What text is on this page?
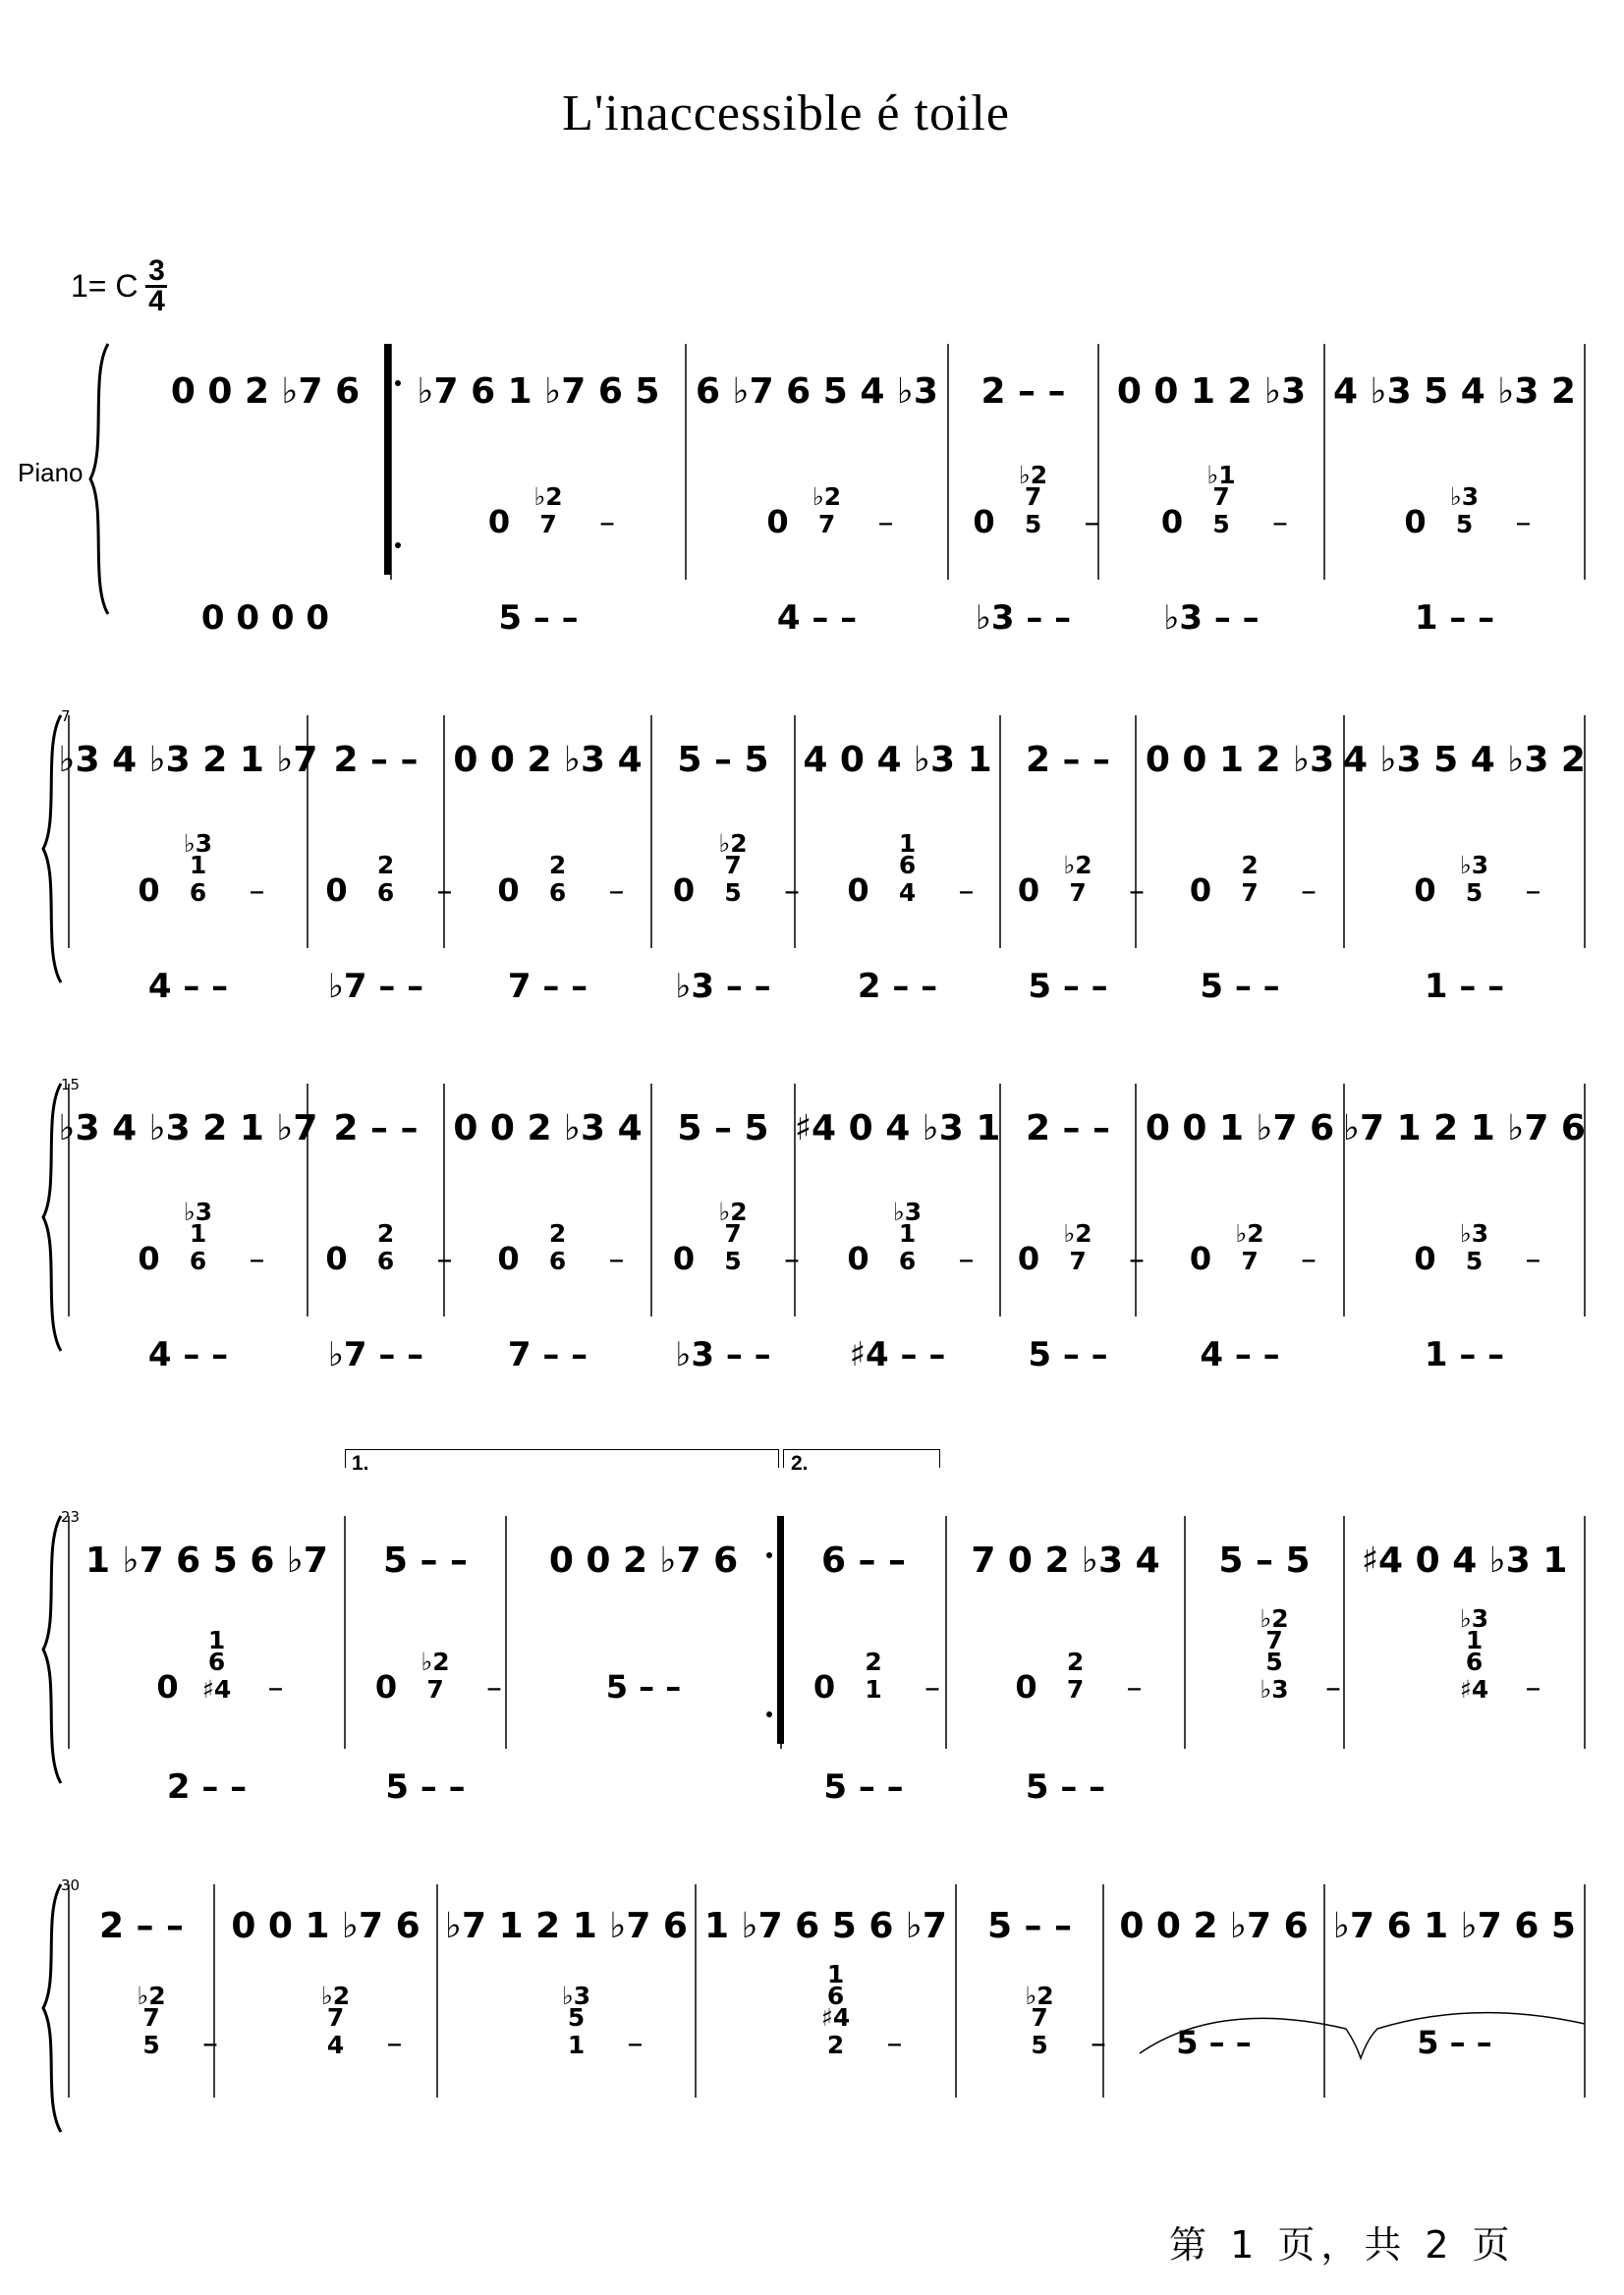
L'inaccessible é toile
1= C $\frac{3}{4}$
Piano
0 0 2 ♭7 6
0 0 0 0
♭7 6 1 ♭7 6 5
0
♭2
7 –
5 – –
6 ♭7 6 5 4 ♭3
0
♭2
7 –
4 – –
2 – –
0
♭2
7
5 –
♭3 – –
0 0 1 2 ♭3
0
♭1
7
5 –
♭3 – –
4 ♭3 5 4 ♭3 2
0
♭3
5 –
1 – –
7
♭3 4 ♭3 2 1 ♭7
0
♭3
1
6 –
4 – –
2 – –
0
2
6 –
♭7 – –
0 0 2 ♭3 4
0
2
6 –
7 – –
5 – 5
0
♭2
7
5 –
♭3 – –
4 0 4 ♭3 1
0
1
6
4 –
2 – –
2 – –
0
♭2
7 –
5 – –
0 0 1 2 ♭3
0
2
7 –
5 – –
4 ♭3 5 4 ♭3 2
0
♭3
5 –
1 – –
15
♭3 4 ♭3 2 1 ♭7
0
♭3
1
6 –
4 – –
2 – –
0
2
6 –
♭7 – –
0 0 2 ♭3 4
0
2
6 –
7 – –
5 – 5
0
♭2
7
5 –
♭3 – –
♯4 0 4 ♭3 1
0
♭3
1
6 –
♯4 – –
2 – –
0
♭2
7 –
5 – –
0 0 1 ♭7 6
0
♭2
7 –
4 – –
♭7 1 2 1 ♭7 6
0
♭3
5 –
1 – –
23
1 ♭7 6 5 6 ♭7
0
1
6
♯4 –
2 – –
5 – –
0
♭2
7 –
5 – –
0 0 2 ♭7 6
5 – –
6 – –
0
2
1 –
5 – –
7 0 2 ♭3 4
0
2
7 –
5 – –
5 – 5
♭2
7
5
♭3 –
♯4 0 4 ♭3 1
♭3
1
6
♯4 –
30
2 – –
♭2
7
5 –
0 0 1 ♭7 6
♭2
7
4 –
♭7 1 2 1 ♭7 6
♭3
5
1 –
1 ♭7 6 5 6 ♭7
1
6
♯4
2 –
5 – –
♭2
7
5 –
0 0 2 ♭7 6
5 – –
♭7 6 1 ♭7 6 5
5 – –
第 1 页，共 2 页
1.	2.
